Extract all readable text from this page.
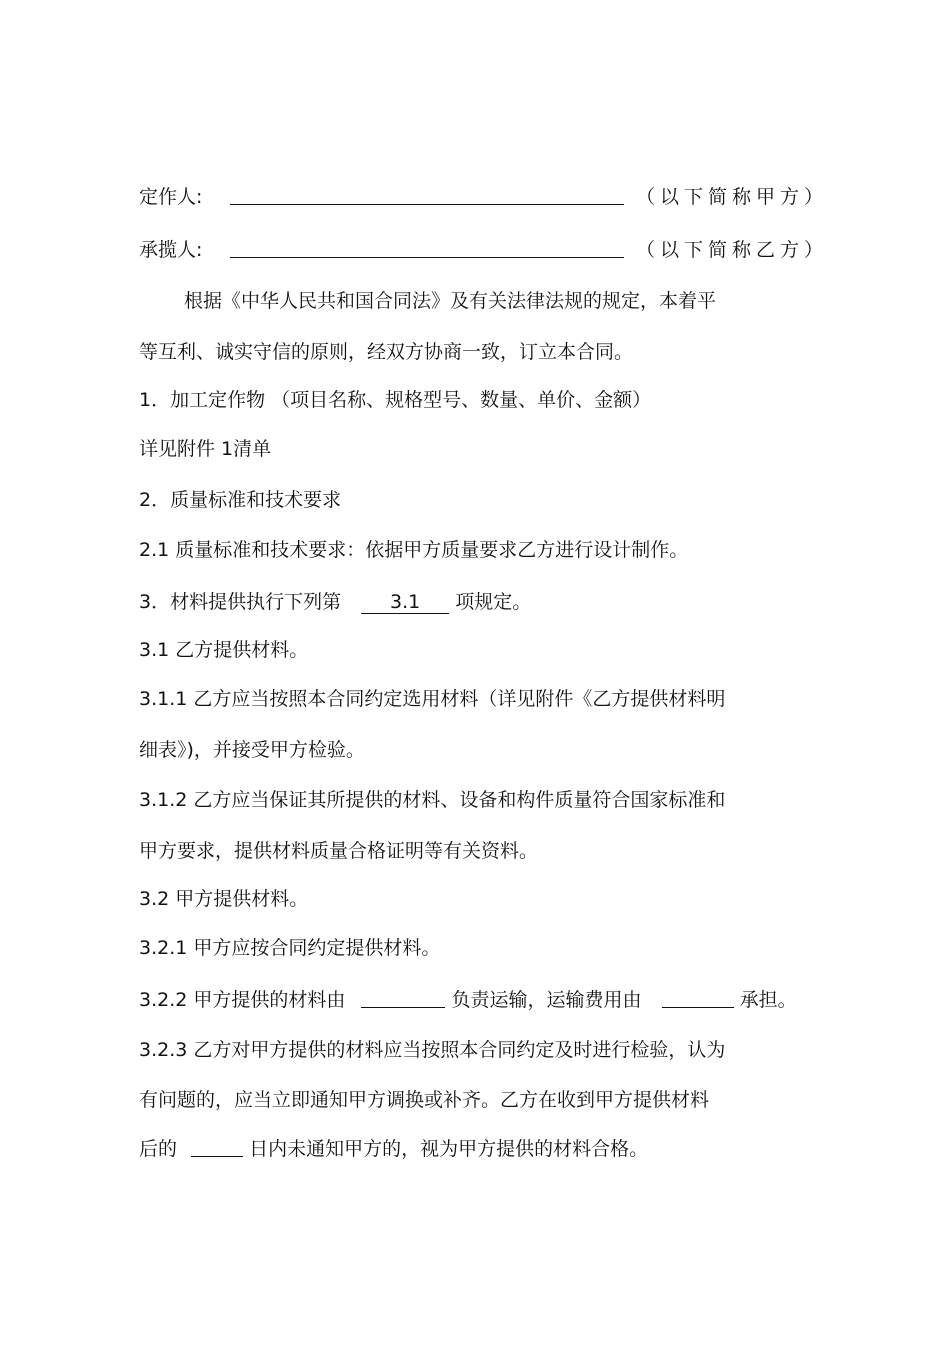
定作人:	（以下简称甲方）
承揽人:	（以下简称乙方）
根据《中华人民共和国合同法》及有关法律法规的规定，本着平
等互利、诚实守信的原则，经双方协商一致，订立本合同。
1．加工定作物 （项目名称、规格型号、数量、单价、金额）
详见附件 1清单
2．质量标准和技术要求
2.1 质量标准和技术要求：依据甲方质量要求乙方进行设计制作。
3．材料提供执行下列第	3.1 项规定。
3.1 乙方提供材料。
3.1.1 乙方应当按照本合同约定选用材料（详见附件《乙方提供材料明
细表》)，并接受甲方检验。
3.1.2 乙方应当保证其所提供的材料、设备和构件质量符合国家标准和
甲方要求，提供材料质量合格证明等有关资料。
3.2 甲方提供材料。
3.2.1 甲方应按合同约定提供材料。
3.2.2 甲方提供的材料由	负责运输，运输费用由	承担。
3.2.3 乙方对甲方提供的材料应当按照本合同约定及时进行检验，认为
有问题的，应当立即通知甲方调换或补齐。乙方在收到甲方提供材料
后的	日内未通知甲方的，视为甲方提供的材料合格。
